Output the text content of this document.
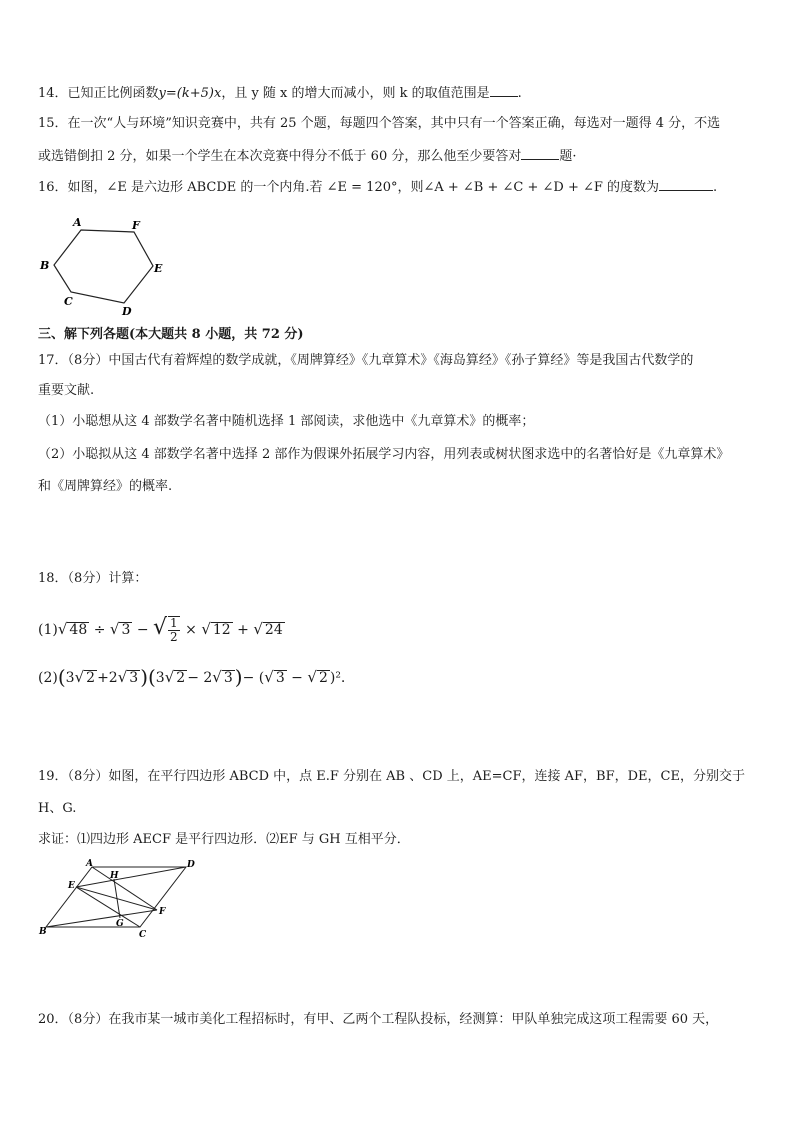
14．已知正比例函数y=(k+5)x，且 y 随 x 的增大而减小，则 k 的取值范围是 .
15．在一次“人与环境”知识竞赛中，共有 25 个题，每题四个答案，其中只有一个答案正确，每选对一题得 4 分，不选
或选错倒扣 2 分，如果一个学生在本次竞赛中得分不低于 60 分，那么他至少要答对	题·
16．如图，∠E 是六边形 ABCDE 的一个内角.若 ∠E = 120°，则∠A + ∠B + ∠C + ∠D + ∠F 的度数为	.
A	F
E
B
C
D
三、解下列各题(本大题共 8 小题，共 72 分)
17．（8分）中国古代有着辉煌的数学成就，《周牌算经》《九章算术》《海岛算经》《孙子算经》等是我国古代数学的
重要文献.
（1）小聪想从这 4 部数学名著中随机选择 1 部阅读，求他选中《九章算术》的概率；
（2）小聪拟从这 4 部数学名著中选择 2 部作为假课外拓展学习内容，用列表或树状图求选中的名著恰好是《九章算术》
和《周牌算经》的概率.
18．（8分）计算：
(1)√ 48 ÷ √ 3 − √ $\frac{1}{2}$ × √ 12 + √ 24
(2)(3√ 2 +2√ 3 )(3√ 2 − 2√ 3 )− (√ 3 − √ 2 )².
19．（8分）如图，在平行四边形 ABCD 中，点 E.F 分别在 AB 、CD 上，AE=CF，连接 AF，BF，DE，CE，分别交于
H、G.
求证：⑴四边形 AECF 是平行四边形．⑵EF 与 GH 互相平分．
A	D
E
H
F
B
G
C
20．（8分）在我市某一城市美化工程招标时，有甲、乙两个工程队投标，经测算：甲队单独完成这项工程需要 60 天，
